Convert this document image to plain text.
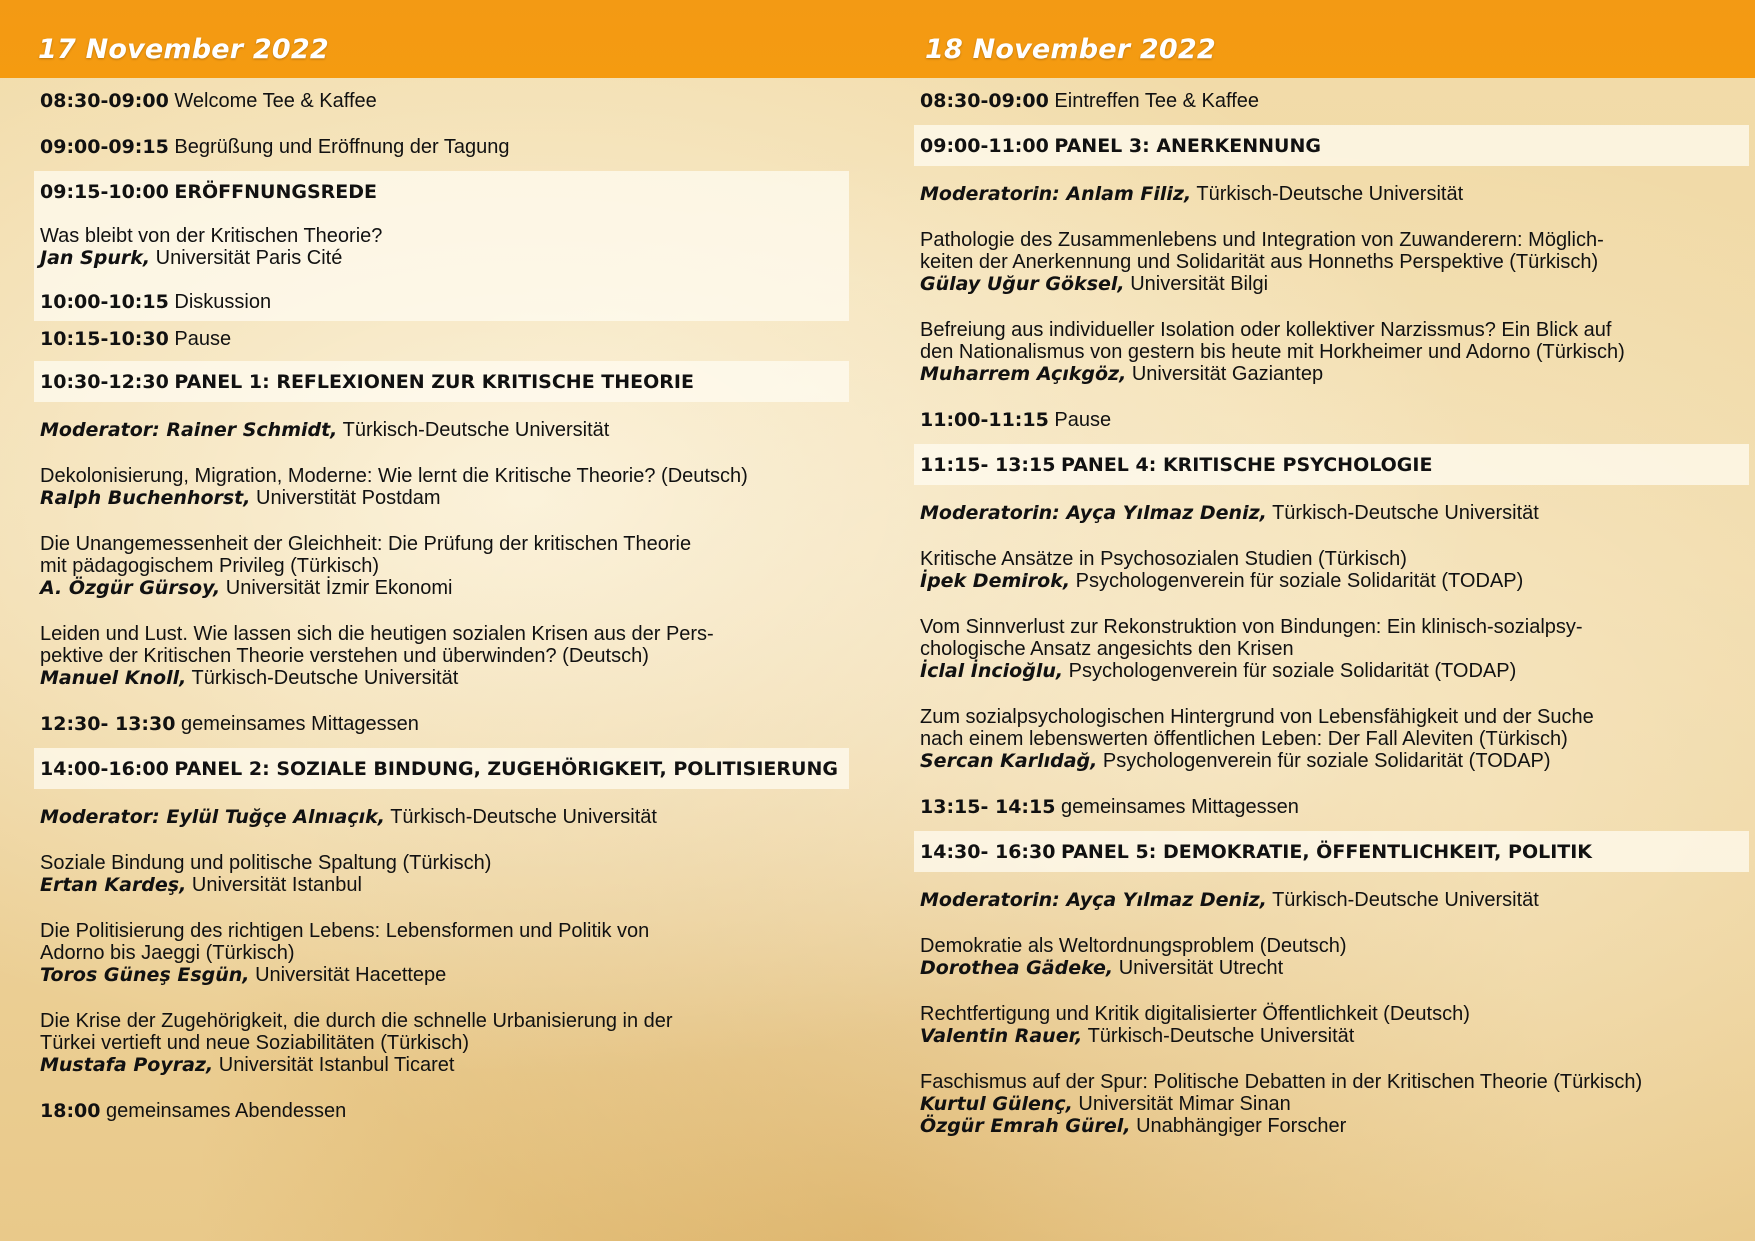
17 November 2022	18 November 2022
08:30-09:00 Welcome Tee & Kaffee
09:00-09:15 Begrüßung und Eröffnung der Tagung
09:15-10:00 ERÖFFNUNGSREDE
Was bleibt von der Kritischen Theorie?
Jan Spurk, Universität Paris Cité
10:00-10:15 Diskussion
10:15-10:30 Pause
10:30-12:30 PANEL 1: REFLEXIONEN ZUR KRITISCHE THEORIE
Moderator: Rainer Schmidt, Türkisch-Deutsche Universität
Dekolonisierung, Migration, Moderne: Wie lernt die Kritische Theorie? (Deutsch)
Ralph Buchenhorst, Universtität Postdam
Die Unangemessenheit der Gleichheit: Die Prüfung der kritischen Theorie
mit pädagogischem Privileg (Türkisch)
A. Özgür Gürsoy, Universität İzmir Ekonomi
Leiden und Lust. Wie lassen sich die heutigen sozialen Krisen aus der Pers-
pektive der Kritischen Theorie verstehen und überwinden? (Deutsch)
Manuel Knoll, Türkisch-Deutsche Universität
12:30- 13:30 gemeinsames Mittagessen
14:00-16:00 PANEL 2: SOZIALE BINDUNG, ZUGEHÖRIGKEIT, POLITISIERUNG
Moderator: Eylül Tuğçe Alnıaçık, Türkisch-Deutsche Universität
Soziale Bindung und politische Spaltung (Türkisch)
Ertan Kardeş, Universität Istanbul
Die Politisierung des richtigen Lebens: Lebensformen und Politik von
Adorno bis Jaeggi (Türkisch)
Toros Güneş Esgün, Universität Hacettepe
Die Krise der Zugehörigkeit, die durch die schnelle Urbanisierung in der
Türkei vertieft und neue Soziabilitäten (Türkisch)
Mustafa Poyraz, Universität Istanbul Ticaret
18:00 gemeinsames Abendessen
08:30-09:00 Eintreffen Tee & Kaffee
09:00-11:00 PANEL 3: ANERKENNUNG
Moderatorin: Anlam Filiz, Türkisch-Deutsche Universität
Pathologie des Zusammenlebens und Integration von Zuwanderern: Möglich-
keiten der Anerkennung und Solidarität aus Honneths Perspektive (Türkisch)
Gülay Uğur Göksel, Universität Bilgi
Befreiung aus individueller Isolation oder kollektiver Narzissmus? Ein Blick auf
den Nationalismus von gestern bis heute mit Horkheimer und Adorno (Türkisch)
Muharrem Açıkgöz, Universität Gaziantep
11:00-11:15 Pause
11:15- 13:15 PANEL 4: KRITISCHE PSYCHOLOGIE
Moderatorin: Ayça Yılmaz Deniz, Türkisch-Deutsche Universität
Kritische Ansätze in Psychosozialen Studien (Türkisch)
İpek Demirok, Psychologenverein für soziale Solidarität (TODAP)
Vom Sinnverlust zur Rekonstruktion von Bindungen: Ein klinisch-sozialpsy-
chologische Ansatz angesichts den Krisen
İclal İncioğlu, Psychologenverein für soziale Solidarität (TODAP)
Zum sozialpsychologischen Hintergrund von Lebensfähigkeit und der Suche
nach einem lebenswerten öffentlichen Leben: Der Fall Aleviten (Türkisch)
Sercan Karlıdağ, Psychologenverein für soziale Solidarität (TODAP)
13:15- 14:15 gemeinsames Mittagessen
14:30- 16:30 PANEL 5: DEMOKRATIE, ÖFFENTLICHKEIT, POLITIK
Moderatorin: Ayça Yılmaz Deniz, Türkisch-Deutsche Universität
Demokratie als Weltordnungsproblem (Deutsch)
Dorothea Gädeke, Universität Utrecht
Rechtfertigung und Kritik digitalisierter Öffentlichkeit (Deutsch)
Valentin Rauer, Türkisch-Deutsche Universität
Faschismus auf der Spur: Politische Debatten in der Kritischen Theorie (Türkisch)
Kurtul Gülenç, Universität Mimar Sinan
Özgür Emrah Gürel, Unabhängiger Forscher
